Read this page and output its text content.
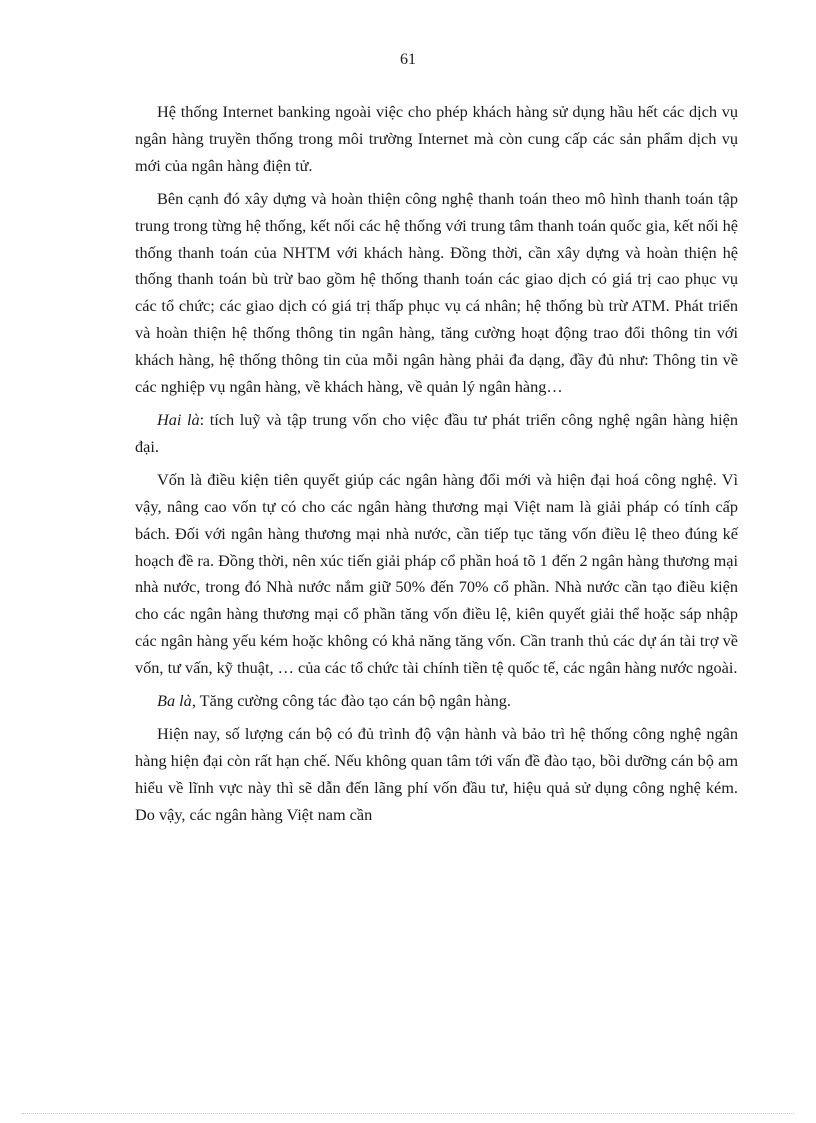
61

Hệ thống Internet banking ngoài việc cho phép khách hàng sử dụng hầu hết các dịch vụ ngân hàng truyền thống trong môi trường Internet mà còn cung cấp các sản phẩm dịch vụ mới của ngân hàng điện tử.

Bên cạnh đó xây dựng và hoàn thiện công nghệ thanh toán theo mô hình thanh toán tập trung trong từng hệ thống, kết nối các hệ thống với trung tâm thanh toán quốc gia, kết nối hệ thống thanh toán của NHTM với khách hàng. Đồng thời, cần xây dựng và hoàn thiện hệ thống thanh toán bù trừ bao gồm hệ thống thanh toán các giao dịch có giá trị cao phục vụ các tổ chức; các giao dịch có giá trị thấp phục vụ cá nhân; hệ thống bù trừ ATM. Phát triển và hoàn thiện hệ thống thông tin ngân hàng, tăng cường hoạt động trao đổi thông tin với khách hàng, hệ thống thông tin của mỗi ngân hàng phải đa dạng, đầy đủ như: Thông tin về các nghiệp vụ ngân hàng, về khách hàng, về quản lý ngân hàng…

Hai là: tích luỹ và tập trung vốn cho việc đầu tư phát triển công nghệ ngân hàng hiện đại.

Vốn là điều kiện tiên quyết giúp các ngân hàng đổi mới và hiện đại hoá công nghệ. Vì vậy, nâng cao vốn tự có cho các ngân hàng thương mại Việt nam là giải pháp có tính cấp bách. Đối với ngân hàng thương mại nhà nước, cần tiếp tục tăng vốn điều lệ theo đúng kế hoạch đề ra. Đồng thời, nên xúc tiến giải pháp cổ phần hoá tõ 1 đến 2 ngân hàng thương mại nhà nước, trong đó Nhà nước nắm giữ 50% đến 70% cổ phần. Nhà nước cần tạo điều kiện cho các ngân hàng thương mại cổ phần tăng vốn điều lệ, kiên quyết giải thể hoặc sáp nhập các ngân hàng yếu kém hoặc không có khả năng tăng vốn. Cần tranh thủ các dự án tài trợ về vốn, tư vấn, kỹ thuật, … của các tổ chức tài chính tiền tệ quốc tế, các ngân hàng nước ngoài.

Ba là, Tăng cường công tác đào tạo cán bộ ngân hàng.

Hiện nay, số lượng cán bộ có đủ trình độ vận hành và bảo trì hệ thống công nghệ ngân hàng hiện đại còn rất hạn chế. Nếu không quan tâm tới vấn đề đào tạo, bồi dưỡng cán bộ am hiểu về lĩnh vực này thì sẽ dẫn đến lãng phí vốn đầu tư, hiệu quả sử dụng công nghệ kém. Do vậy, các ngân hàng Việt nam cần
